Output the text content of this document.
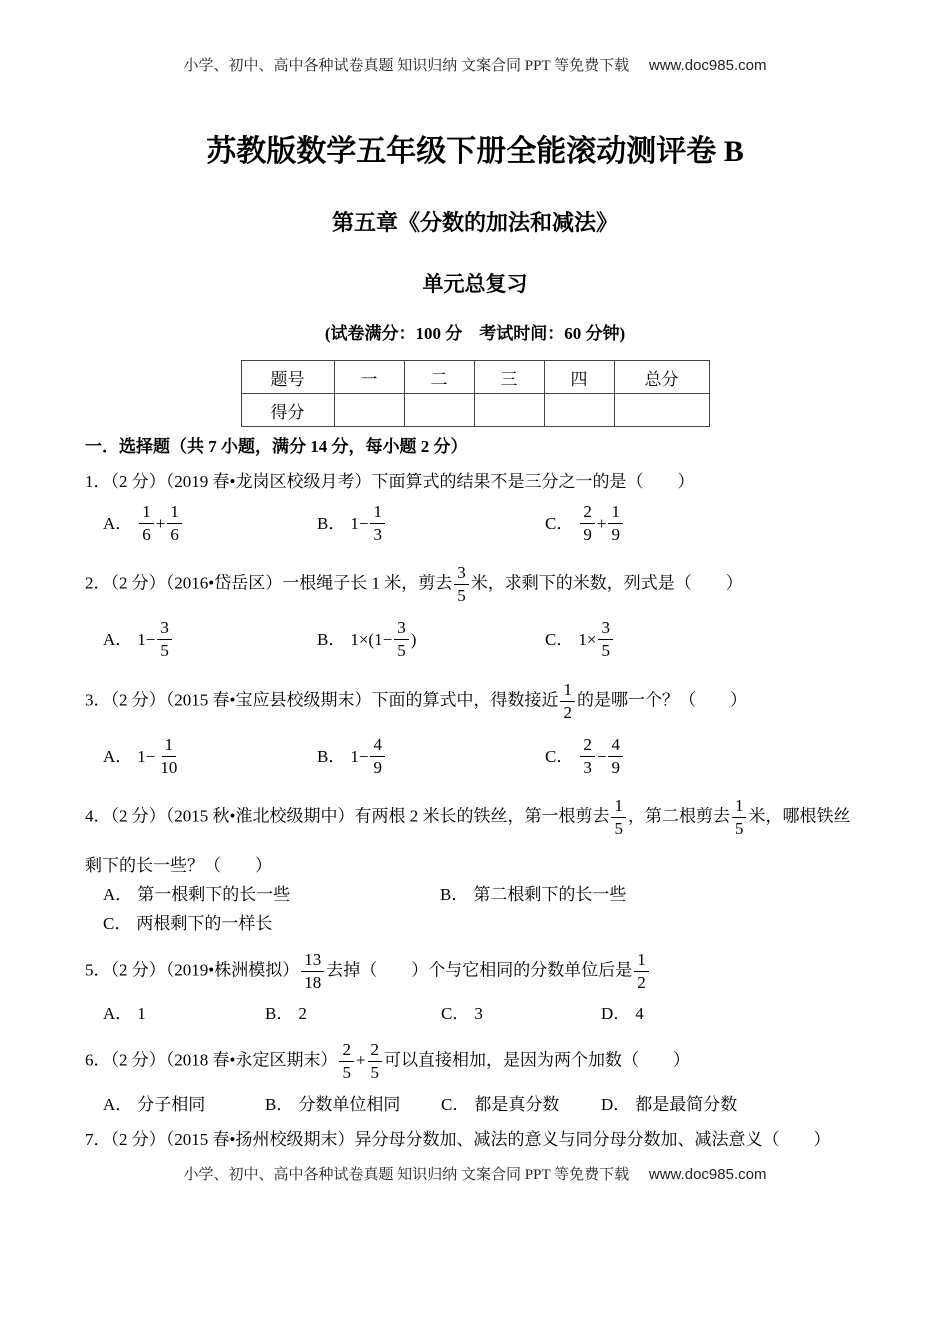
小学、初中、高中各种试卷真题 知识归纳 文案合同 PPT 等免费下载 www.doc985.com
苏教版数学五年级下册全能滚动测评卷 B
第五章《分数的加法和减法》
单元总复习
(试卷满分：100 分　考试时间：60 分钟)
题号	一	二	三	四	总分
得分					
一．选择题（共 7 小题，满分 14 分，每小题 2 分）
1．（2 分）（2019 春•龙岗区校级月考）下面算式的结果不是三分之一的是（　　）
A． $\frac{1}{6} + \frac{1}{6}$	B． $1- \frac{1}{3}$	C． $\frac{2}{9} + \frac{1}{9}$
2．（2 分）（2016•岱岳区）一根绳子长 1 米，剪去 $\frac{3}{5}$ 米，求剩下的米数，列式是（　　）
A． $1- \frac{3}{5}$	B． $1\times(1- \frac{3}{5}$ )	C． $1\times \frac{3}{5}$
3．（2 分）（2015 春•宝应县校级期末）下面的算式中，得数接近 $\frac{1}{2}$ 的是哪一个？（　　）
A． $1- \frac{1}{10}$	B． $1- \frac{4}{9}$	C． $\frac{2}{3} - \frac{4}{9}$
4．（2 分）（2015 秋•淮北校级期中）有两根 2 米长的铁丝，第一根剪去 $\frac{1}{5}$ ，第二根剪去 $\frac{1}{5}$ 米，哪根铁丝
剩下的长一些？（　　）
A． 第一根剩下的长一些	B． 第二根剩下的长一些
C． 两根剩下的一样长
5．（2 分）（2019•株洲模拟） $\frac{13}{18}$ 去掉（　　）个与它相同的分数单位后是 $\frac{1}{2}$
A． 1	B． 2	C． 3	D． 4
6．（2 分）（2018 春•永定区期末） $\frac{2}{5} + \frac{2}{5}$ 可以直接相加，是因为两个加数（　　）
A． 分子相同	B． 分数单位相同 C． 都是真分数 D． 都是最简分数
7．（2 分）（2015 春•扬州校级期末）异分母分数加、减法的意义与同分母分数加、减法意义（　　）
小学、初中、高中各种试卷真题 知识归纳 文案合同 PPT 等免费下载 www.doc985.com
